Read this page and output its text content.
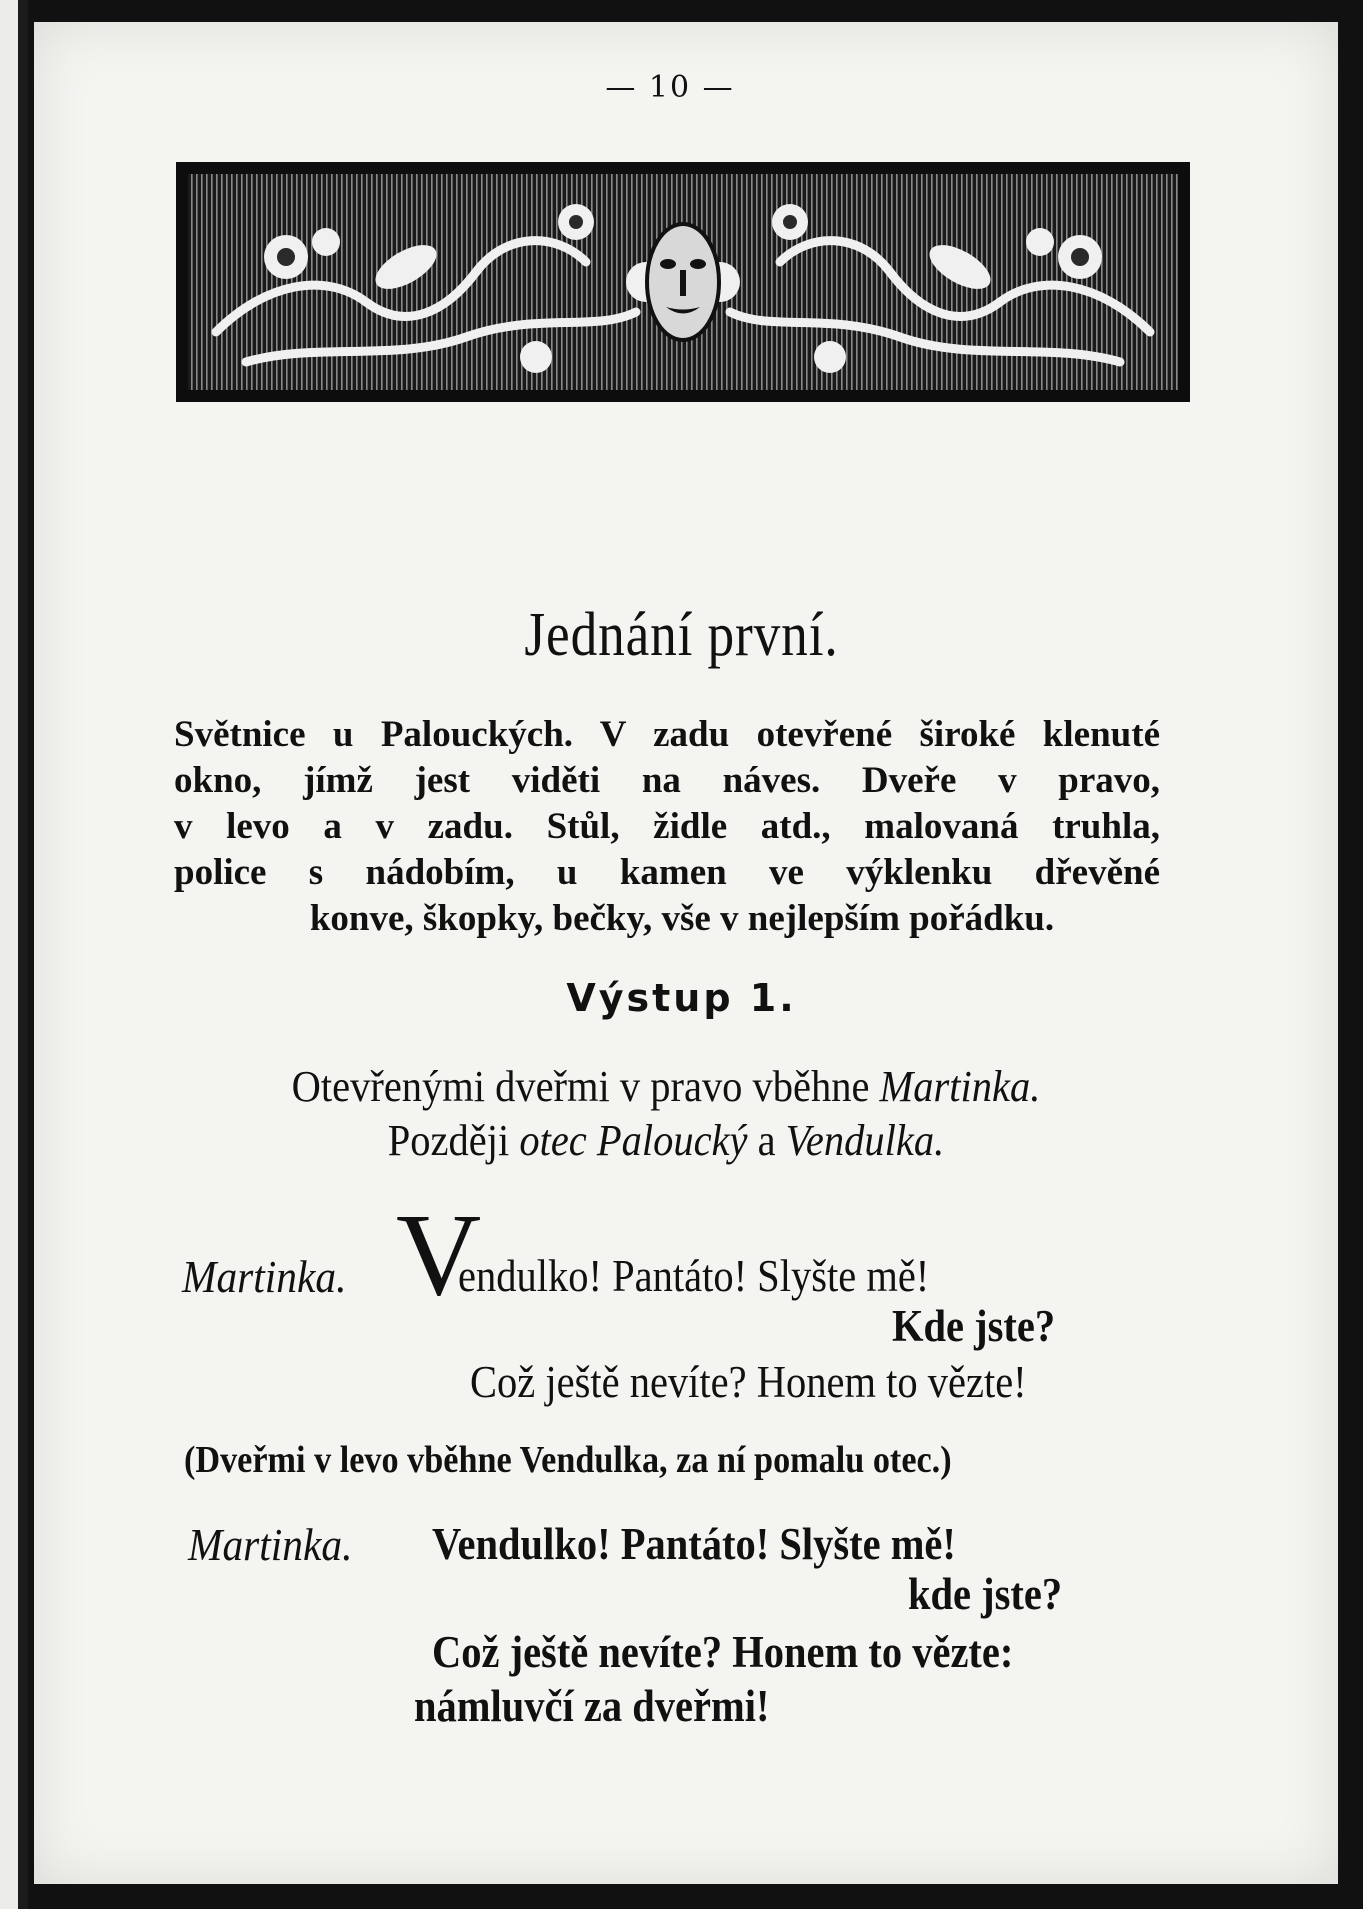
— 10 —
Jednání první.
Světnice u Palouckých. V zadu otevřené široké klenuté
okno, jímž jest viděti na náves. Dveře v pravo,
v levo a v zadu. Stůl, židle atd., malovaná truhla,
police s nádobím, u kamen ve výklenku dřevěné
konve, škopky, bečky, vše v nejlepším pořádku.
Výstup 1.
Otevřenými dveřmi v pravo vběhne Martinka.
Později otec Paloucký a Vendulka.
Martinka. V
endulko! Pantáto! Slyšte mě!
Kde jste?
Což ještě nevíte? Honem to vězte!
(Dveřmi v levo vběhne Vendulka, za ní pomalu otec.)
Martinka. Vendulko! Pantáto! Slyšte mě!
kde jste?
Což ještě nevíte? Honem to vězte:
námluvčí za dveřmi!
